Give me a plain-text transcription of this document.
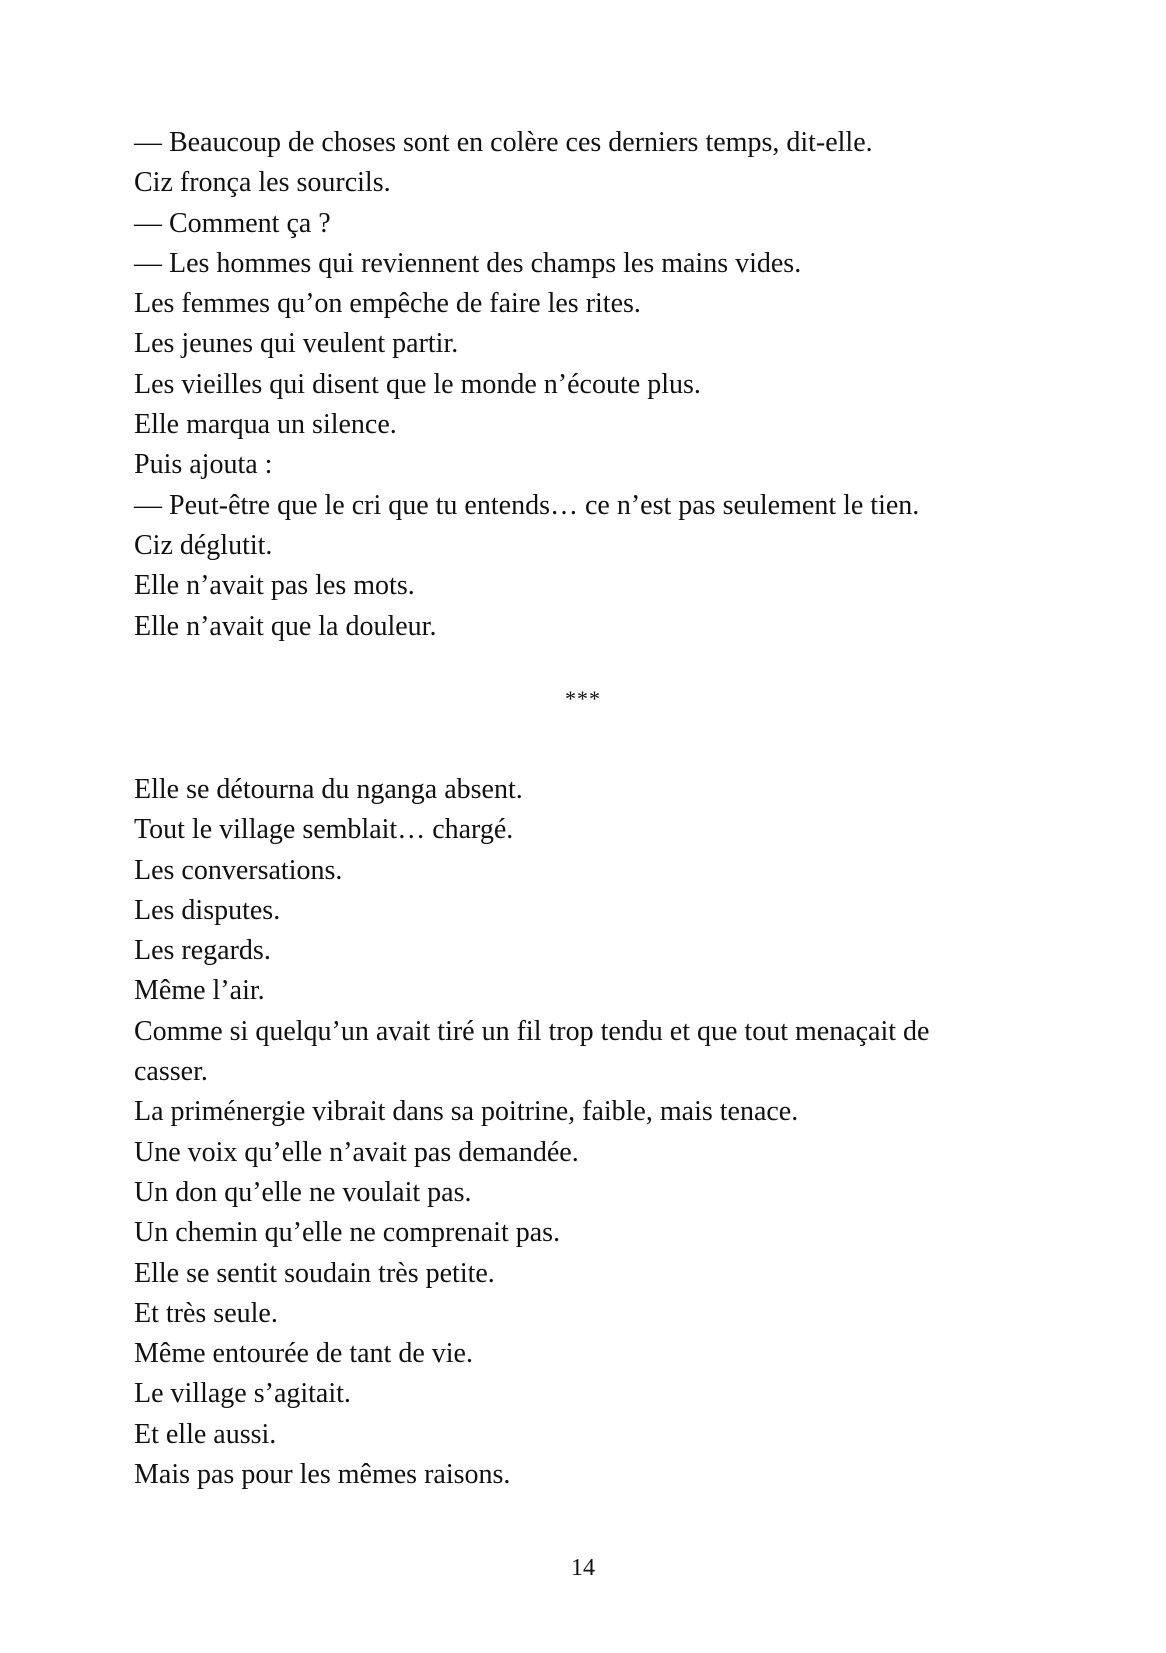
— Beaucoup de choses sont en colère ces derniers temps, dit-elle.
Ciz fronça les sourcils.
— Comment ça ?
— Les hommes qui reviennent des champs les mains vides.
Les femmes qu’on empêche de faire les rites.
Les jeunes qui veulent partir.
Les vieilles qui disent que le monde n’écoute plus.
Elle marqua un silence.
Puis ajouta :
— Peut-être que le cri que tu entends… ce n’est pas seulement le tien.
Ciz déglutit.
Elle n’avait pas les mots.
Elle n’avait que la douleur.
***
Elle se détourna du nganga absent.
Tout le village semblait… chargé.
Les conversations.
Les disputes.
Les regards.
Même l’air.
Comme si quelqu’un avait tiré un fil trop tendu et que tout menaçait de
casser.
La priménergie vibrait dans sa poitrine, faible, mais tenace.
Une voix qu’elle n’avait pas demandée.
Un don qu’elle ne voulait pas.
Un chemin qu’elle ne comprenait pas.
Elle se sentit soudain très petite.
Et très seule.
Même entourée de tant de vie.
Le village s’agitait.
Et elle aussi.
Mais pas pour les mêmes raisons.
14
